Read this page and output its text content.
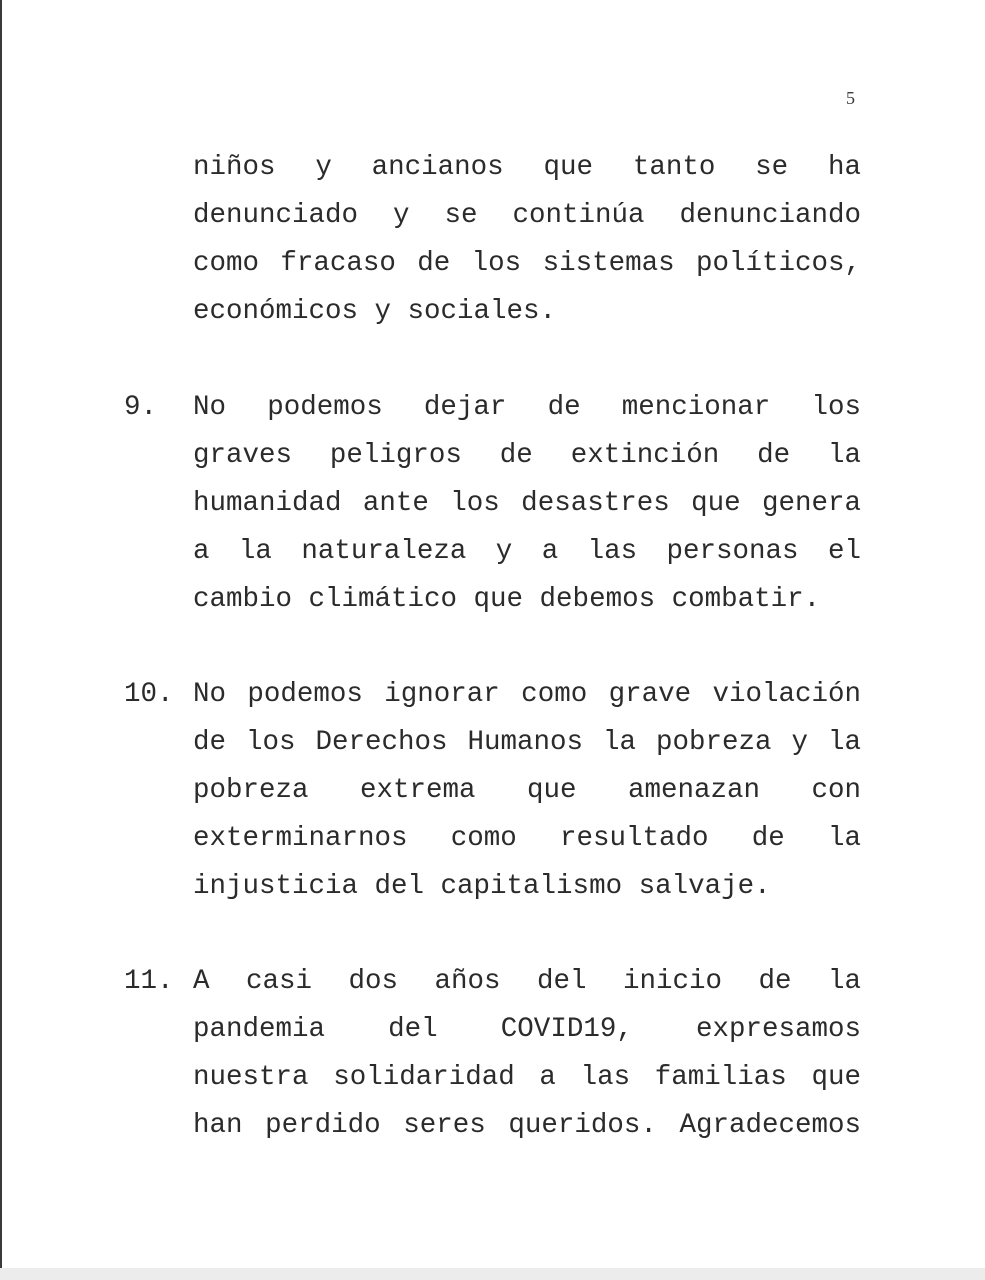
5
niños y ancianos que tanto se ha
denunciado y se continúa denunciando
como fracaso de los sistemas políticos,
económicos y sociales.
9. No podemos dejar de mencionar los
graves peligros de extinción de la
humanidad ante los desastres que genera
a la naturaleza y a las personas el
cambio climático que debemos combatir.
10. No podemos ignorar como grave violación
de los Derechos Humanos la pobreza y la
pobreza extrema que amenazan con
exterminarnos como resultado de la
injusticia del capitalismo salvaje.
11. A casi dos años del inicio de la
pandemia del COVID19, expresamos
nuestra solidaridad a las familias que
han perdido seres queridos. Agradecemos
